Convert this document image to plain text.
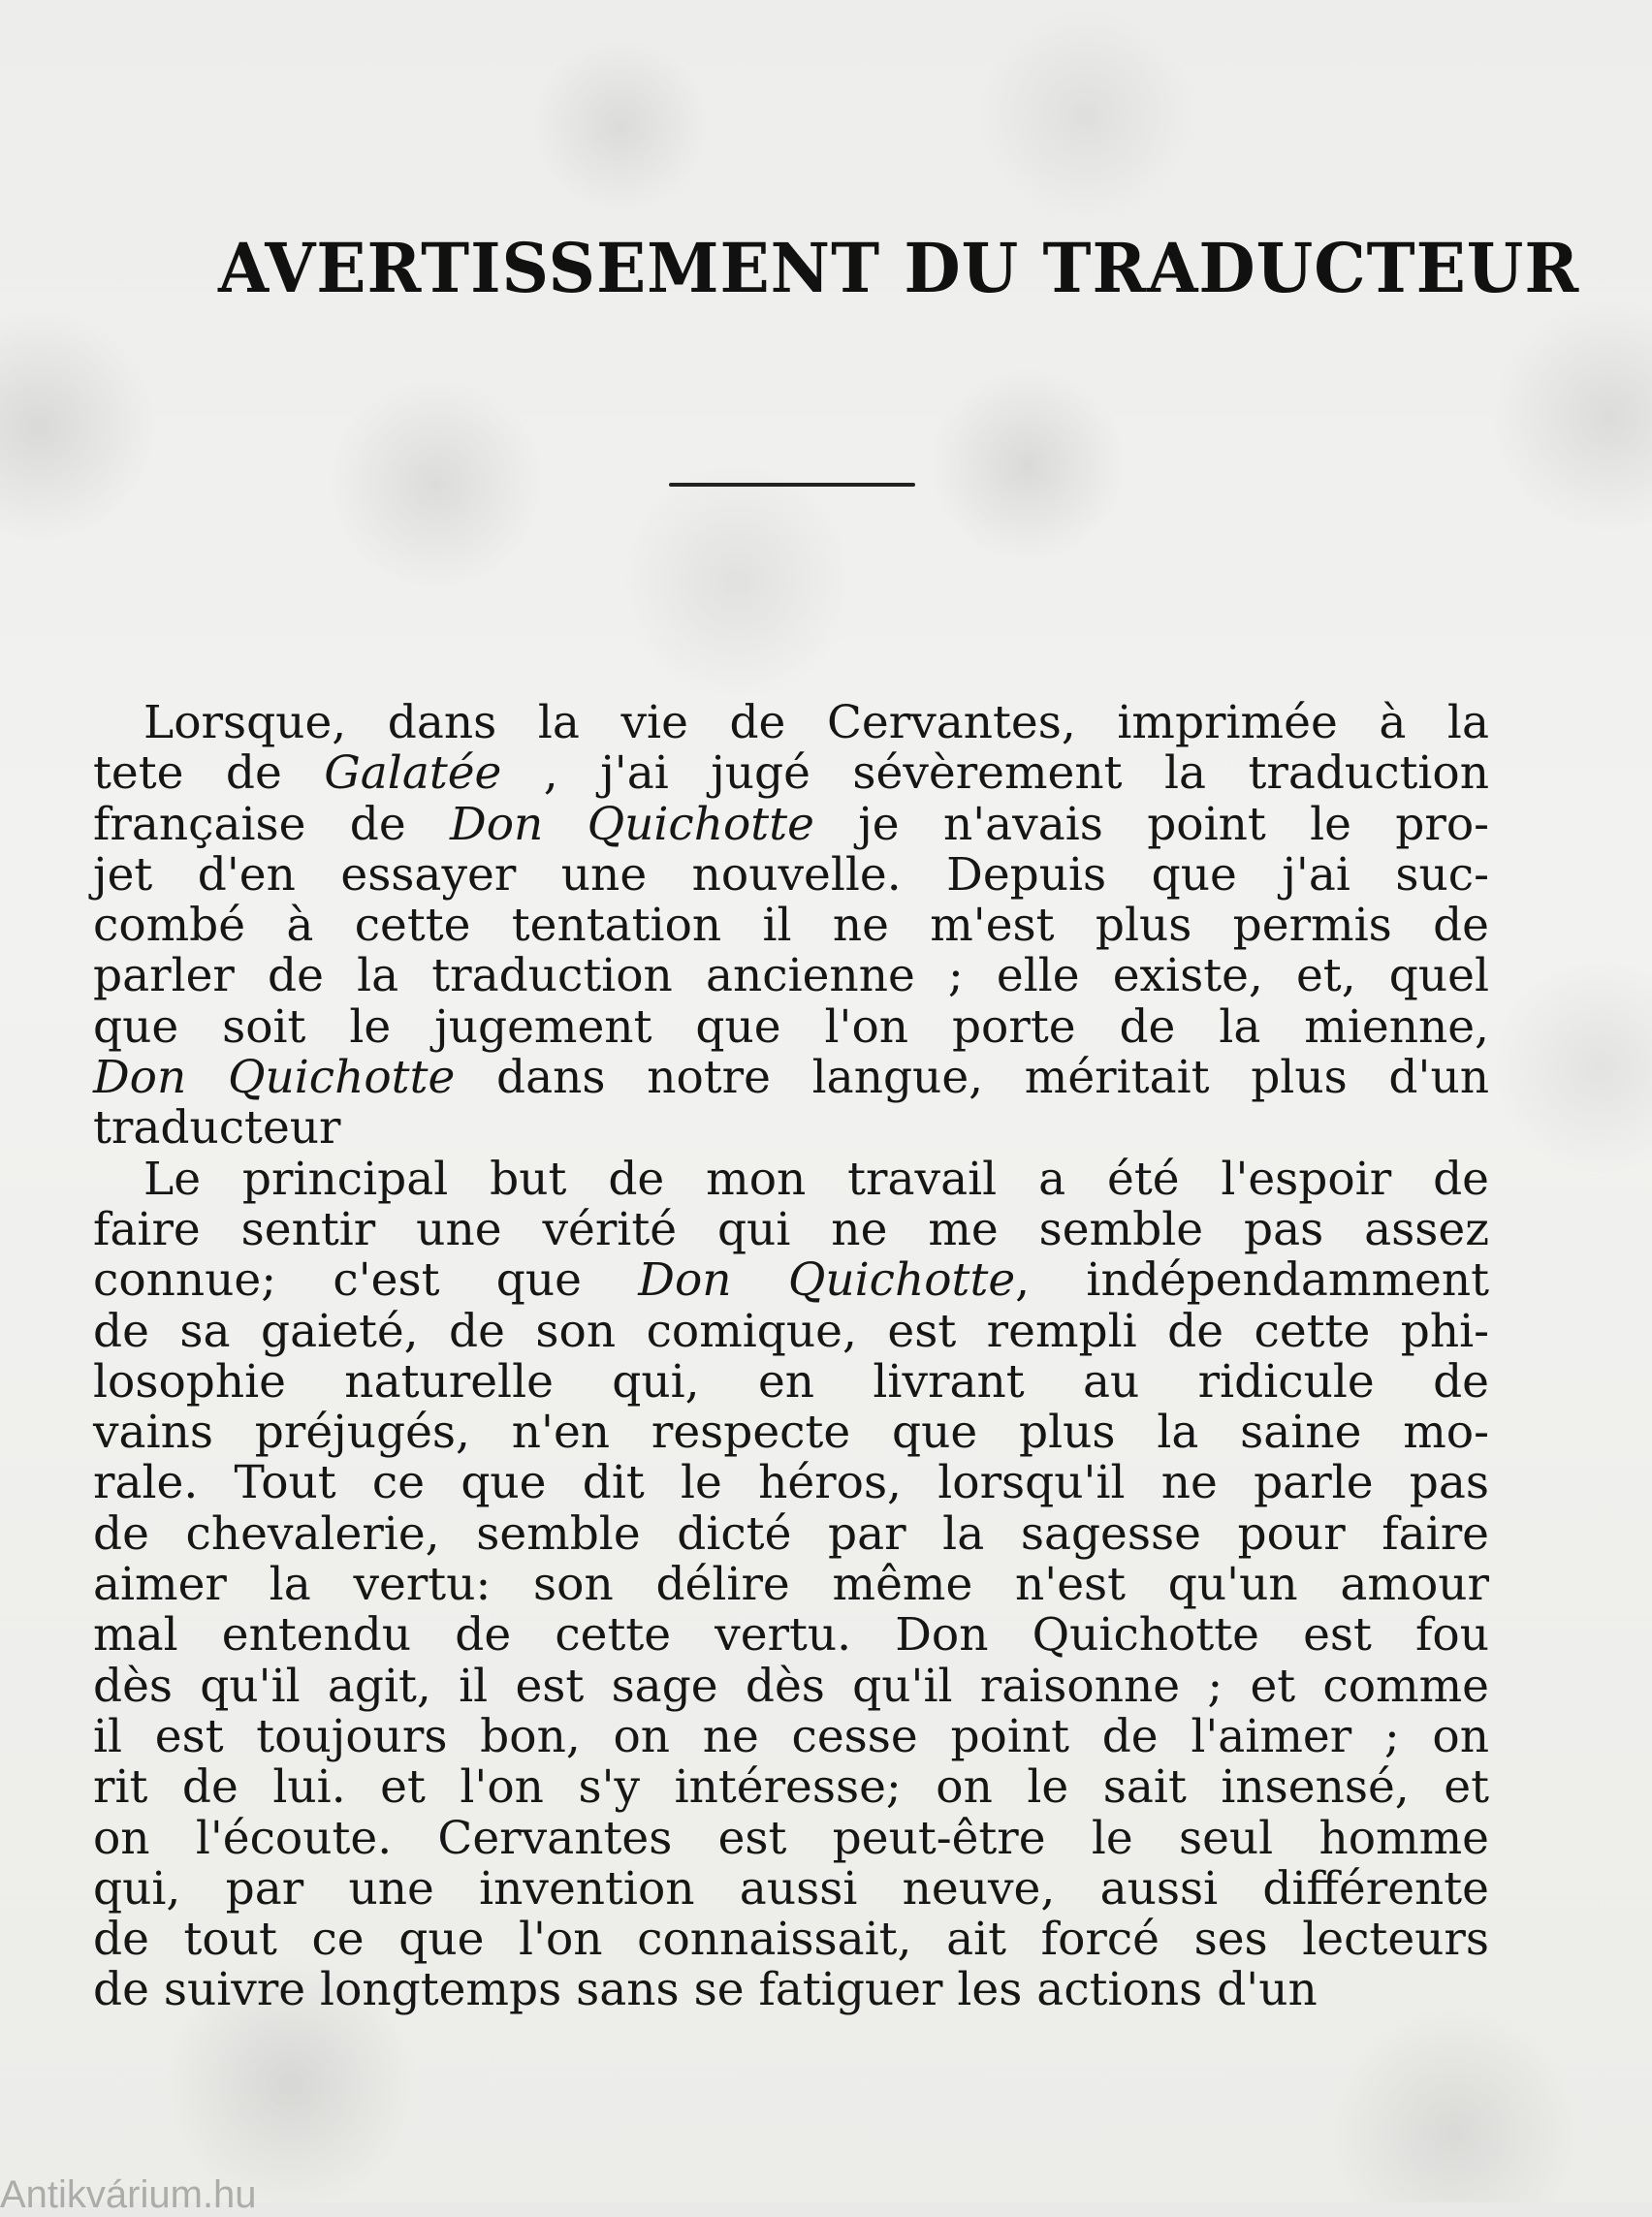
AVERTISSEMENT DU TRADUCTEUR
Lorsque, dans la vie de Cervantes, imprimée à la
tete de Galatée , j'ai jugé sévèrement la traduction
française de Don Quichotte je n'avais point le pro-
jet d'en essayer une nouvelle. Depuis que j'ai suc-
combé à cette tentation il ne m'est plus permis de
parler de la traduction ancienne ; elle existe, et, quel
que soit le jugement que l'on porte de la mienne,
Don Quichotte dans notre langue, méritait plus d'un
traducteur
Le principal but de mon travail a été l'espoir de
faire sentir une vérité qui ne me semble pas assez
connue; c'est que Don Quichotte, indépendamment
de sa gaieté, de son comique, est rempli de cette phi-
losophie naturelle qui, en livrant au ridicule de
vains préjugés, n'en respecte que plus la saine mo-
rale. Tout ce que dit le héros, lorsqu'il ne parle pas
de chevalerie, semble dicté par la sagesse pour faire
aimer la vertu: son délire même n'est qu'un amour
mal entendu de cette vertu. Don Quichotte est fou
dès qu'il agit, il est sage dès qu'il raisonne ; et comme
il est toujours bon, on ne cesse point de l'aimer ; on
rit de lui. et l'on s'y intéresse; on le sait insensé, et
on l'écoute. Cervantes est peut-être le seul homme
qui, par une invention aussi neuve, aussi différente
de tout ce que l'on connaissait, ait forcé ses lecteurs
de suivre longtemps sans se fatiguer les actions d'un
Antikvárium.hu
